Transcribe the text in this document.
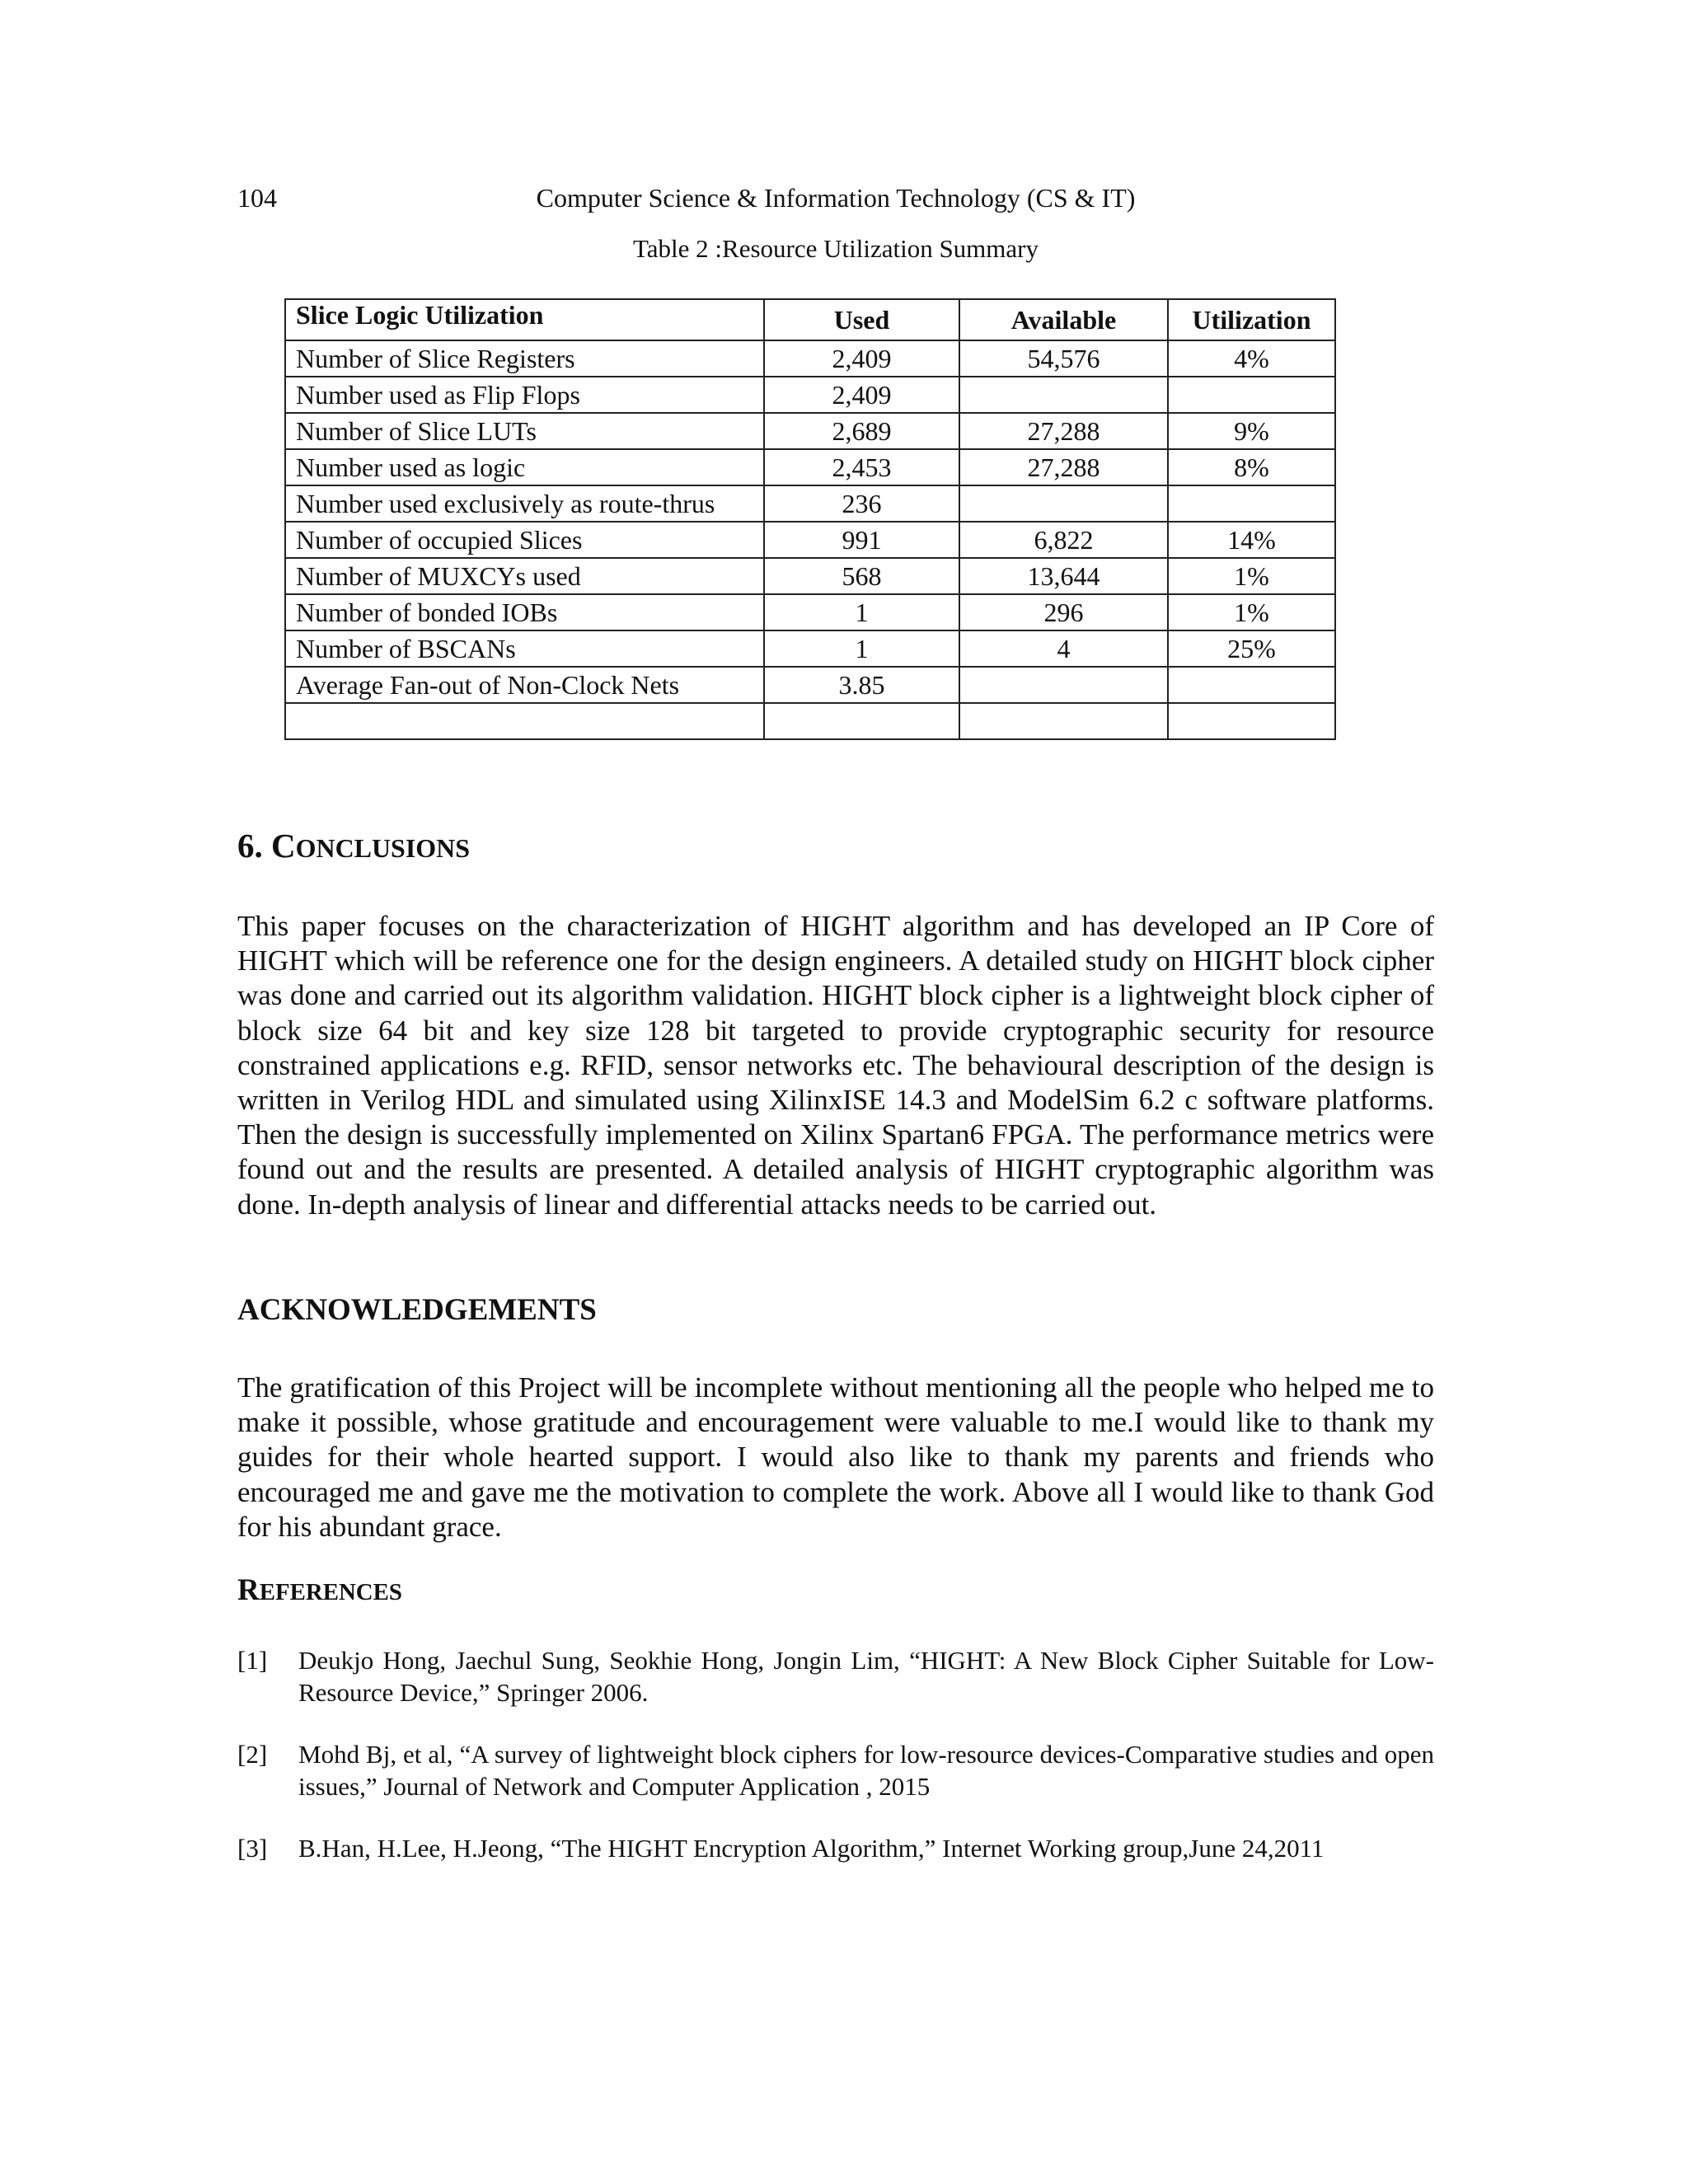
104	Computer Science & Information Technology (CS & IT)
Table 2 :Resource Utilization Summary
Slice Logic Utilization	Used	Available	Utilization
Number of Slice Registers	2,409	54,576	4%
Number used as Flip Flops	2,409		
Number of Slice LUTs	2,689	27,288	9%
Number used as logic	2,453	27,288	8%
Number used exclusively as route-thrus	236		
Number of occupied Slices	991	6,822	14%
Number of MUXCYs used	568	13,644	1%
Number of bonded IOBs	1	296	1%
Number of BSCANs	1	4	25%
Average Fan-out of Non-Clock Nets	3.85		

6. CONCLUSIONS

This paper focuses on the characterization of HIGHT algorithm and has developed an IP Core of HIGHT which will be reference one for the design engineers. A detailed study on HIGHT block cipher was done and carried out its algorithm validation. HIGHT block cipher is a lightweight block cipher of block size 64 bit and key size 128 bit targeted to provide cryptographic security for resource constrained applications e.g. RFID, sensor networks etc. The behavioural description of the design is written in Verilog HDL and simulated using XilinxISE 14.3 and ModelSim 6.2 c software platforms. Then the design is successfully implemented on Xilinx Spartan6 FPGA. The performance metrics were found out and the results are presented. A detailed analysis of HIGHT cryptographic algorithm was done. In-depth analysis of linear and differential attacks needs to be carried out.

ACKNOWLEDGEMENTS

The gratification of this Project will be incomplete without mentioning all the people who helped me to make it possible, whose gratitude and encouragement were valuable to me.I would like to thank my guides for their whole hearted support. I would also like to thank my parents and friends who encouraged me and gave me the motivation to complete the work. Above all I would like to thank God for his abundant grace.

REFERENCES
[1] Deukjo Hong, Jaechul Sung, Seokhie Hong, Jongin Lim, “HIGHT: A New Block Cipher Suitable for Low-Resource Device,” Springer 2006.
[2] Mohd Bj, et al, “A survey of lightweight block ciphers for low-resource devices-Comparative studies and open issues,” Journal of Network and Computer Application , 2015
[3] B.Han, H.Lee, H.Jeong, “The HIGHT Encryption Algorithm,” Internet Working group,June 24,2011
